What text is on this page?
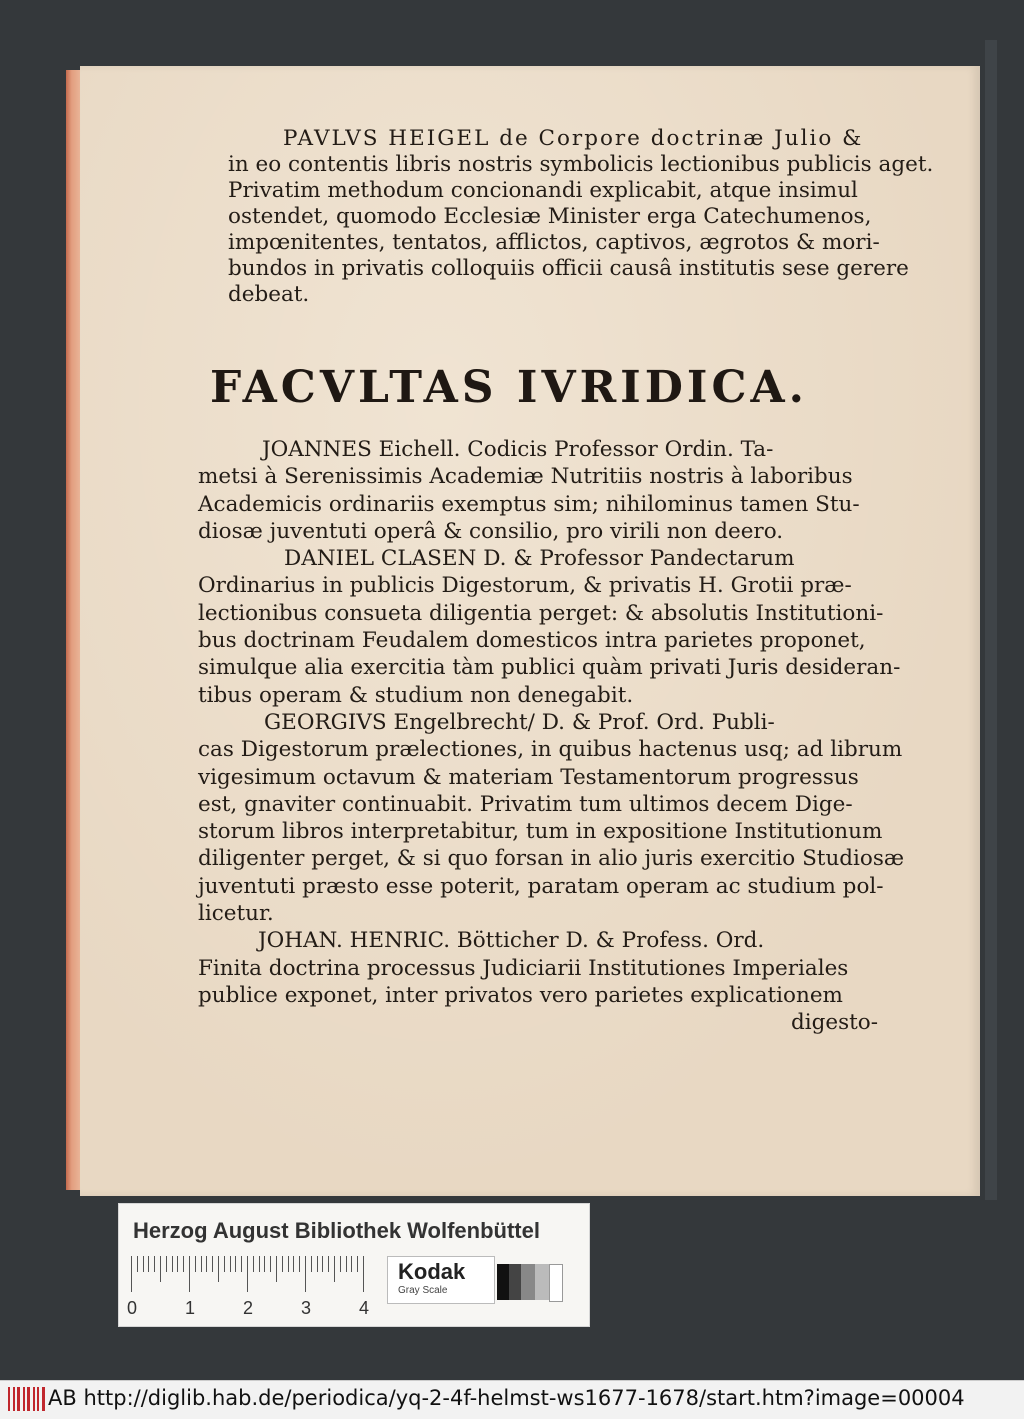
PAVLVS HEIGEL de Corpore doctrinæ Julio &
in eo contentis libris nostris symbolicis lectionibus publicis aget.
Privatim methodum concionandi explicabit, atque insimul
ostendet, quomodo Ecclesiæ Minister erga Catechumenos,
impœnitentes, tentatos, afflictos, captivos, ægrotos & mori-
bundos in privatis colloquiis officii causâ institutis sese gerere
debeat.
FACVLTAS IVRIDICA.
JOANNES Eichell. Codicis Professor Ordin. Ta-
metsi à Serenissimis Academiæ Nutritiis nostris à laboribus
Academicis ordinariis exemptus sim; nihilominus tamen Stu-
diosæ juventuti operâ & consilio, pro virili non deero.
DANIEL CLASEN D. & Professor Pandectarum
Ordinarius in publicis Digestorum, & privatis H. Grotii præ-
lectionibus consueta diligentia perget: & absolutis Institutioni-
bus doctrinam Feudalem domesticos intra parietes proponet,
simulque alia exercitia tàm publici quàm privati Juris desideran-
tibus operam & studium non denegabit.
GEORGIVS Engelbrecht/ D. & Prof. Ord. Publi-
cas Digestorum prælectiones, in quibus hactenus usq; ad librum
vigesimum octavum & materiam Testamentorum progressus
est, gnaviter continuabit. Privatim tum ultimos decem Dige-
storum libros interpretabitur, tum in expositione Institutionum
diligenter perget, & si quo forsan in alio juris exercitio Studiosæ
juventuti præsto esse poterit, paratam operam ac studium pol-
licetur.
JOHAN. HENRIC. Bötticher D. & Profess. Ord.
Finita doctrina processus Judiciarii Institutiones Imperiales
publice exponet, inter privatos vero parietes explicationem
digesto-
Herzog August Bibliothek Wolfenbüttel
0	1	2	3	4
Kodak
Gray Scale
AB http://diglib.hab.de/periodica/yq-2-4f-helmst-ws1677-1678/start.htm?image=00004
